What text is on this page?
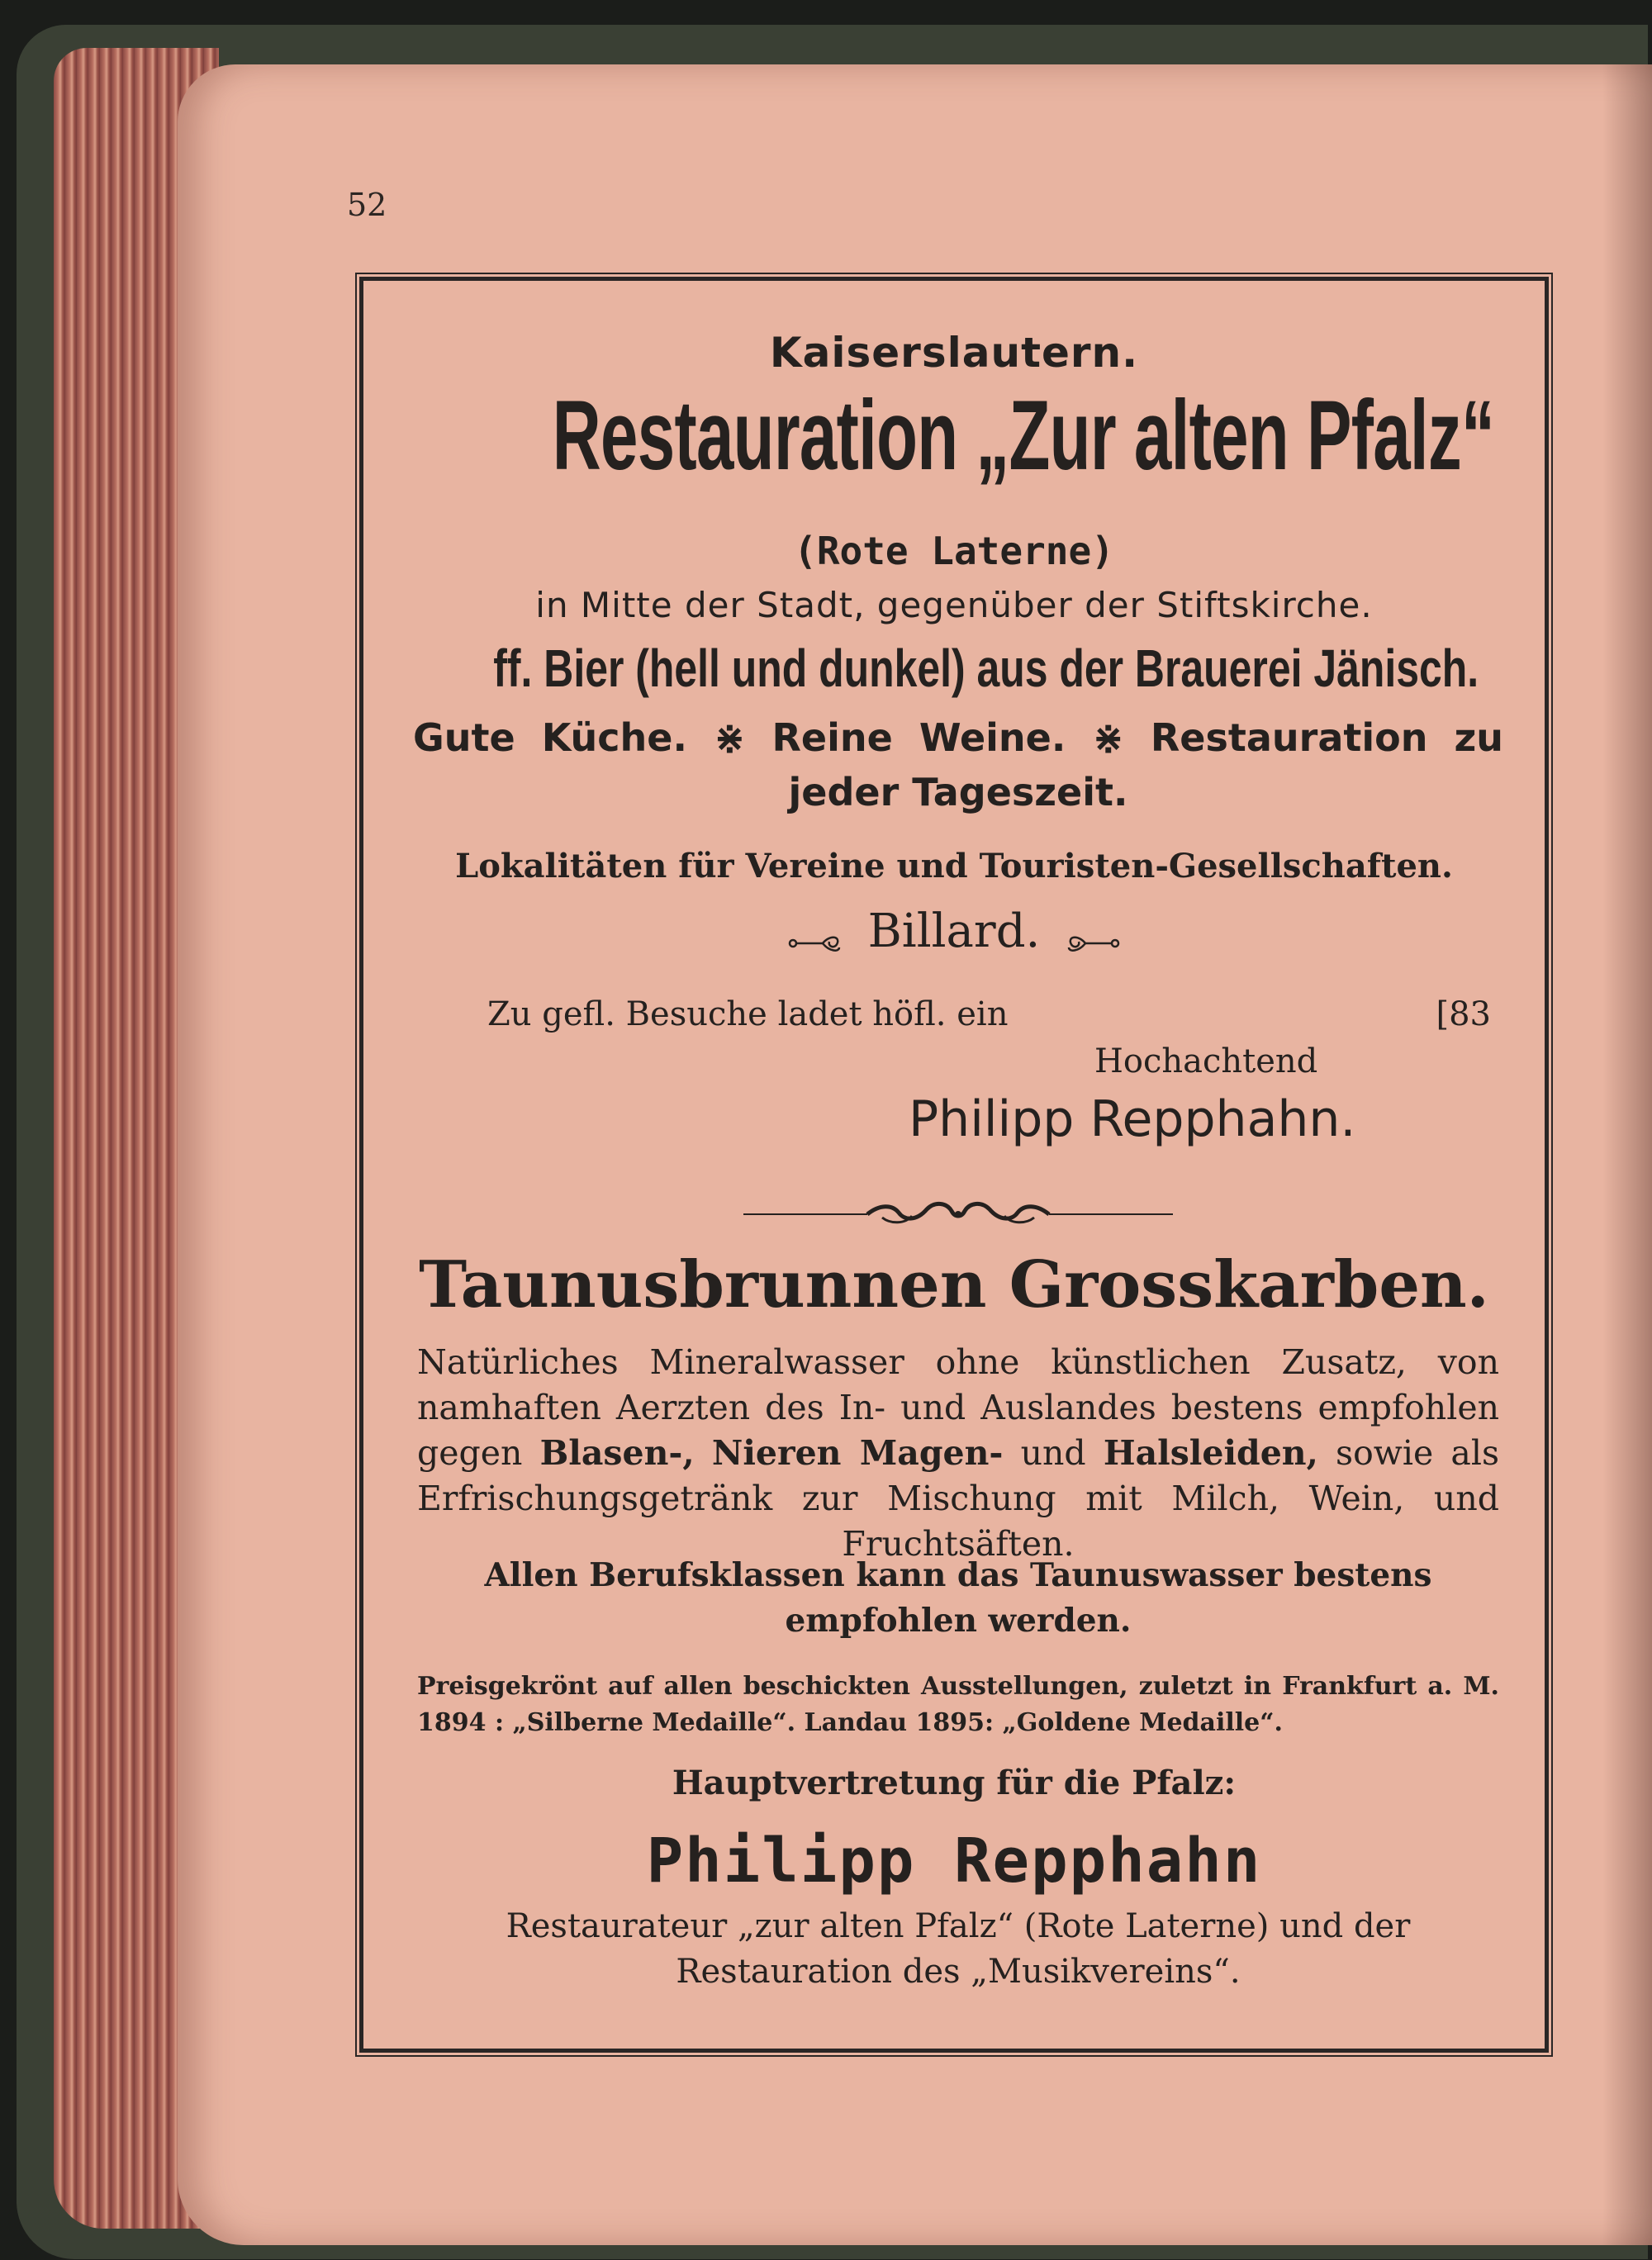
52
Kaiserslautern.
Restauration „Zur alten Pfalz“
(Rote Laterne)
in Mitte der Stadt, gegenüber der Stiftskirche.
ff. Bier (hell und dunkel) aus der Brauerei Jänisch.
Gute Küche. ⋇ Reine Weine. ⋇ Restauration zu jeder Tageszeit.
Lokalitäten für Vereine und Touristen-Gesellschaften.
Billard.
Zu gefl. Besuche ladet höfl. ein	[83
Hochachtend
Philipp Repphahn.
Taunusbrunnen Grosskarben.
Natürliches Mineralwasser ohne künstlichen Zusatz, von namhaften Aerzten des In- und Auslandes bestens empfohlen gegen Blasen-, Nieren Magen- und Halsleiden, sowie als Erfrischungsgetränk zur Mischung mit Milch, Wein, und Fruchtsäften.
Allen Berufsklassen kann das Taunuswasser bestens empfohlen werden.
Preisgekrönt auf allen beschickten Ausstellungen, zuletzt in Frankfurt a. M. 1894 : „Silberne Medaille“. Landau 1895: „Goldene Medaille“.
Hauptvertretung für die Pfalz:
Philipp Repphahn
Restaurateur „zur alten Pfalz“ (Rote Laterne) und der Restauration des „Musikvereins“.
